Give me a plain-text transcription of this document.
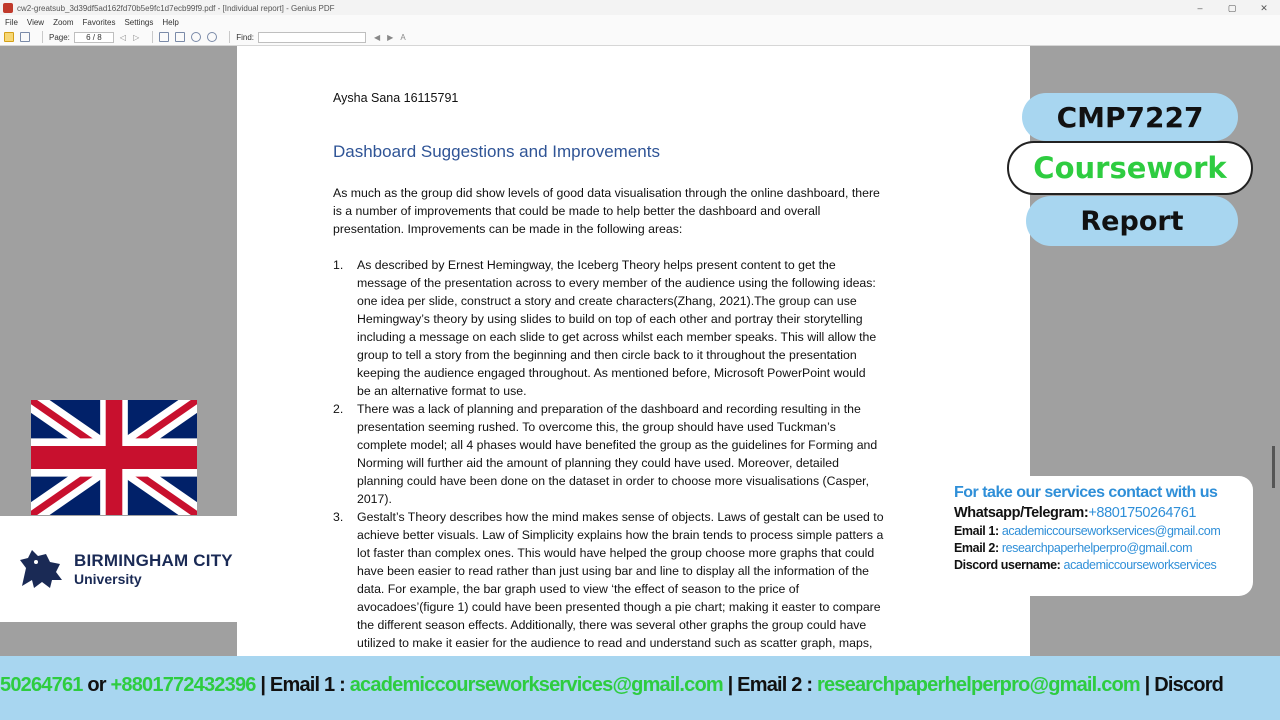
cw2-greatsub_3d39df5ad162fd70b5e9fc1d7ecb99f9.pdf - [Individual report] - Genius PDF	–	▢	✕
File View Zoom Favorites Settings Help
Page:	6 / 8	◁ ▷	Find:	◀ ▶ A
Aysha Sana 16115791
Dashboard Suggestions and Improvements
As much as the group did show levels of good data visualisation through the online dashboard, there
is a number of improvements that could be made to help better the dashboard and overall
presentation. Improvements can be made in the following areas:
1. As described by Ernest Hemingway, the Iceberg Theory helps present content to get the
message of the presentation across to every member of the audience using the following ideas:
one idea per slide, construct a story and create characters(Zhang, 2021).The group can use
Hemingway’s theory by using slides to build on top of each other and portray their storytelling
including a message on each slide to get across whilst each member speaks. This will allow the
group to tell a story from the beginning and then circle back to it throughout the presentation
keeping the audience engaged throughout. As mentioned before, Microsoft PowerPoint would
be an alternative format to use.
2. There was a lack of planning and preparation of the dashboard and recording resulting in the
presentation seeming rushed. To overcome this, the group should have used Tuckman’s
complete model; all 4 phases would have benefited the group as the guidelines for Forming and
Norming will further aid the amount of planning they could have used. Moreover, detailed
planning could have been done on the dataset in order to choose more visualisations (Casper,
2017).
3. Gestalt’s Theory describes how the mind makes sense of objects. Laws of gestalt can be used to
achieve better visuals. Law of Simplicity explains how the brain tends to process simple patters a
lot faster than complex ones. This would have helped the group choose more graphs that could
have been easier to read rather than just using bar and line to display all the information of the
data. For example, the bar graph used to view ‘the effect of season to the price of
avocadoes’(figure 1) could have been presented though a pie chart; making it easter to compare
the different season effects. Additionally, there was several other graphs the group could have
utilized to make it easier for the audience to read and understand such as scatter graph, maps,
CMP7227
Coursework
Report
BIRMINGHAM CITY
University
For take our services contact with us
Whatsapp/Telegram:+8801750264761
Email 1: academiccourseworkservices@gmail.com
Email 2: researchpaperhelperpro@gmail.com
Discord username: academiccourseworkservices
50264761 or +8801772432396 | Email 1 : academiccourseworkservices@gmail.com | Email 2 : researchpaperhelperpro@gmail.com | Discord
